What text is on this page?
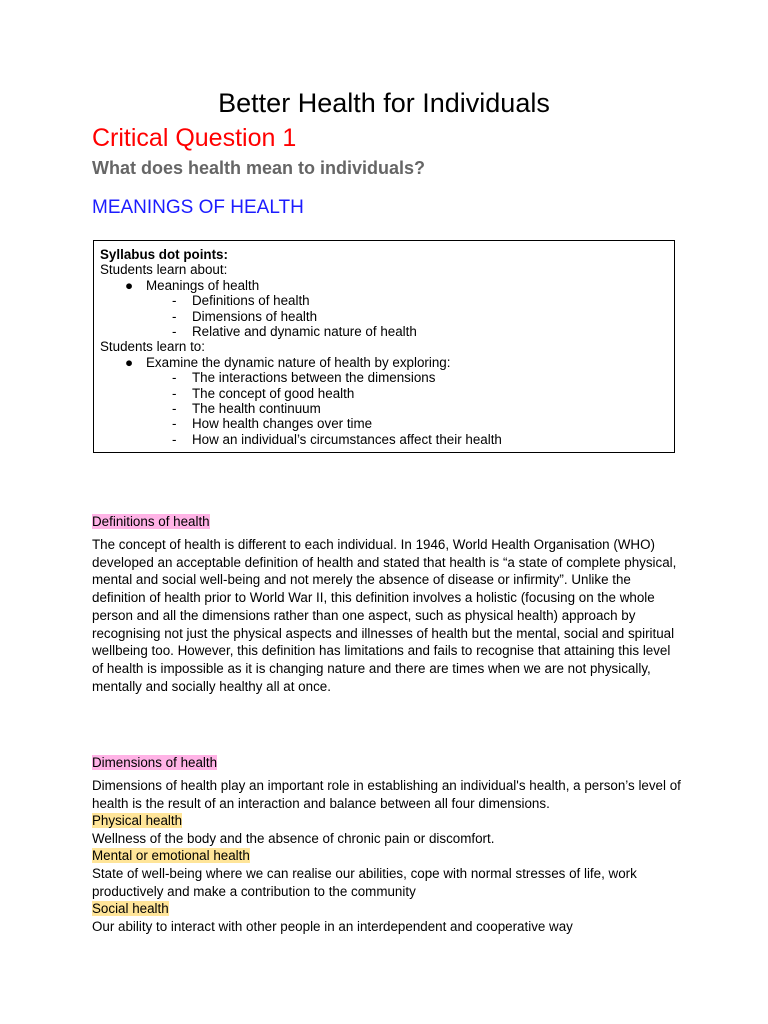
Better Health for Individuals
Critical Question 1
What does health mean to individuals?
MEANINGS OF HEALTH
Syllabus dot points:
Students learn about:
● Meanings of health
- Definitions of health
- Dimensions of health
- Relative and dynamic nature of health
Students learn to:
● Examine the dynamic nature of health by exploring:
- The interactions between the dimensions
- The concept of good health
- The health continuum
- How health changes over time
- How an individual’s circumstances affect their health
Definitions of health
The concept of health is different to each individual. In 1946, World Health Organisation (WHO) developed an acceptable definition of health and stated that health is “a state of complete physical, mental and social well-being and not merely the absence of disease or infirmity”. Unlike the definition of health prior to World War II, this definition involves a holistic (focusing on the whole person and all the dimensions rather than one aspect, such as physical health) approach by recognising not just the physical aspects and illnesses of health but the mental, social and spiritual wellbeing too. However, this definition has limitations and fails to recognise that attaining this level of health is impossible as it is changing nature and there are times when we are not physically, mentally and socially healthy all at once.
Dimensions of health
Dimensions of health play an important role in establishing an individual's health, a person’s level of health is the result of an interaction and balance between all four dimensions.
Physical health
Wellness of the body and the absence of chronic pain or discomfort.
Mental or emotional health
State of well-being where we can realise our abilities, cope with normal stresses of life, work productively and make a contribution to the community
Social health
Our ability to interact with other people in an interdependent and cooperative way
